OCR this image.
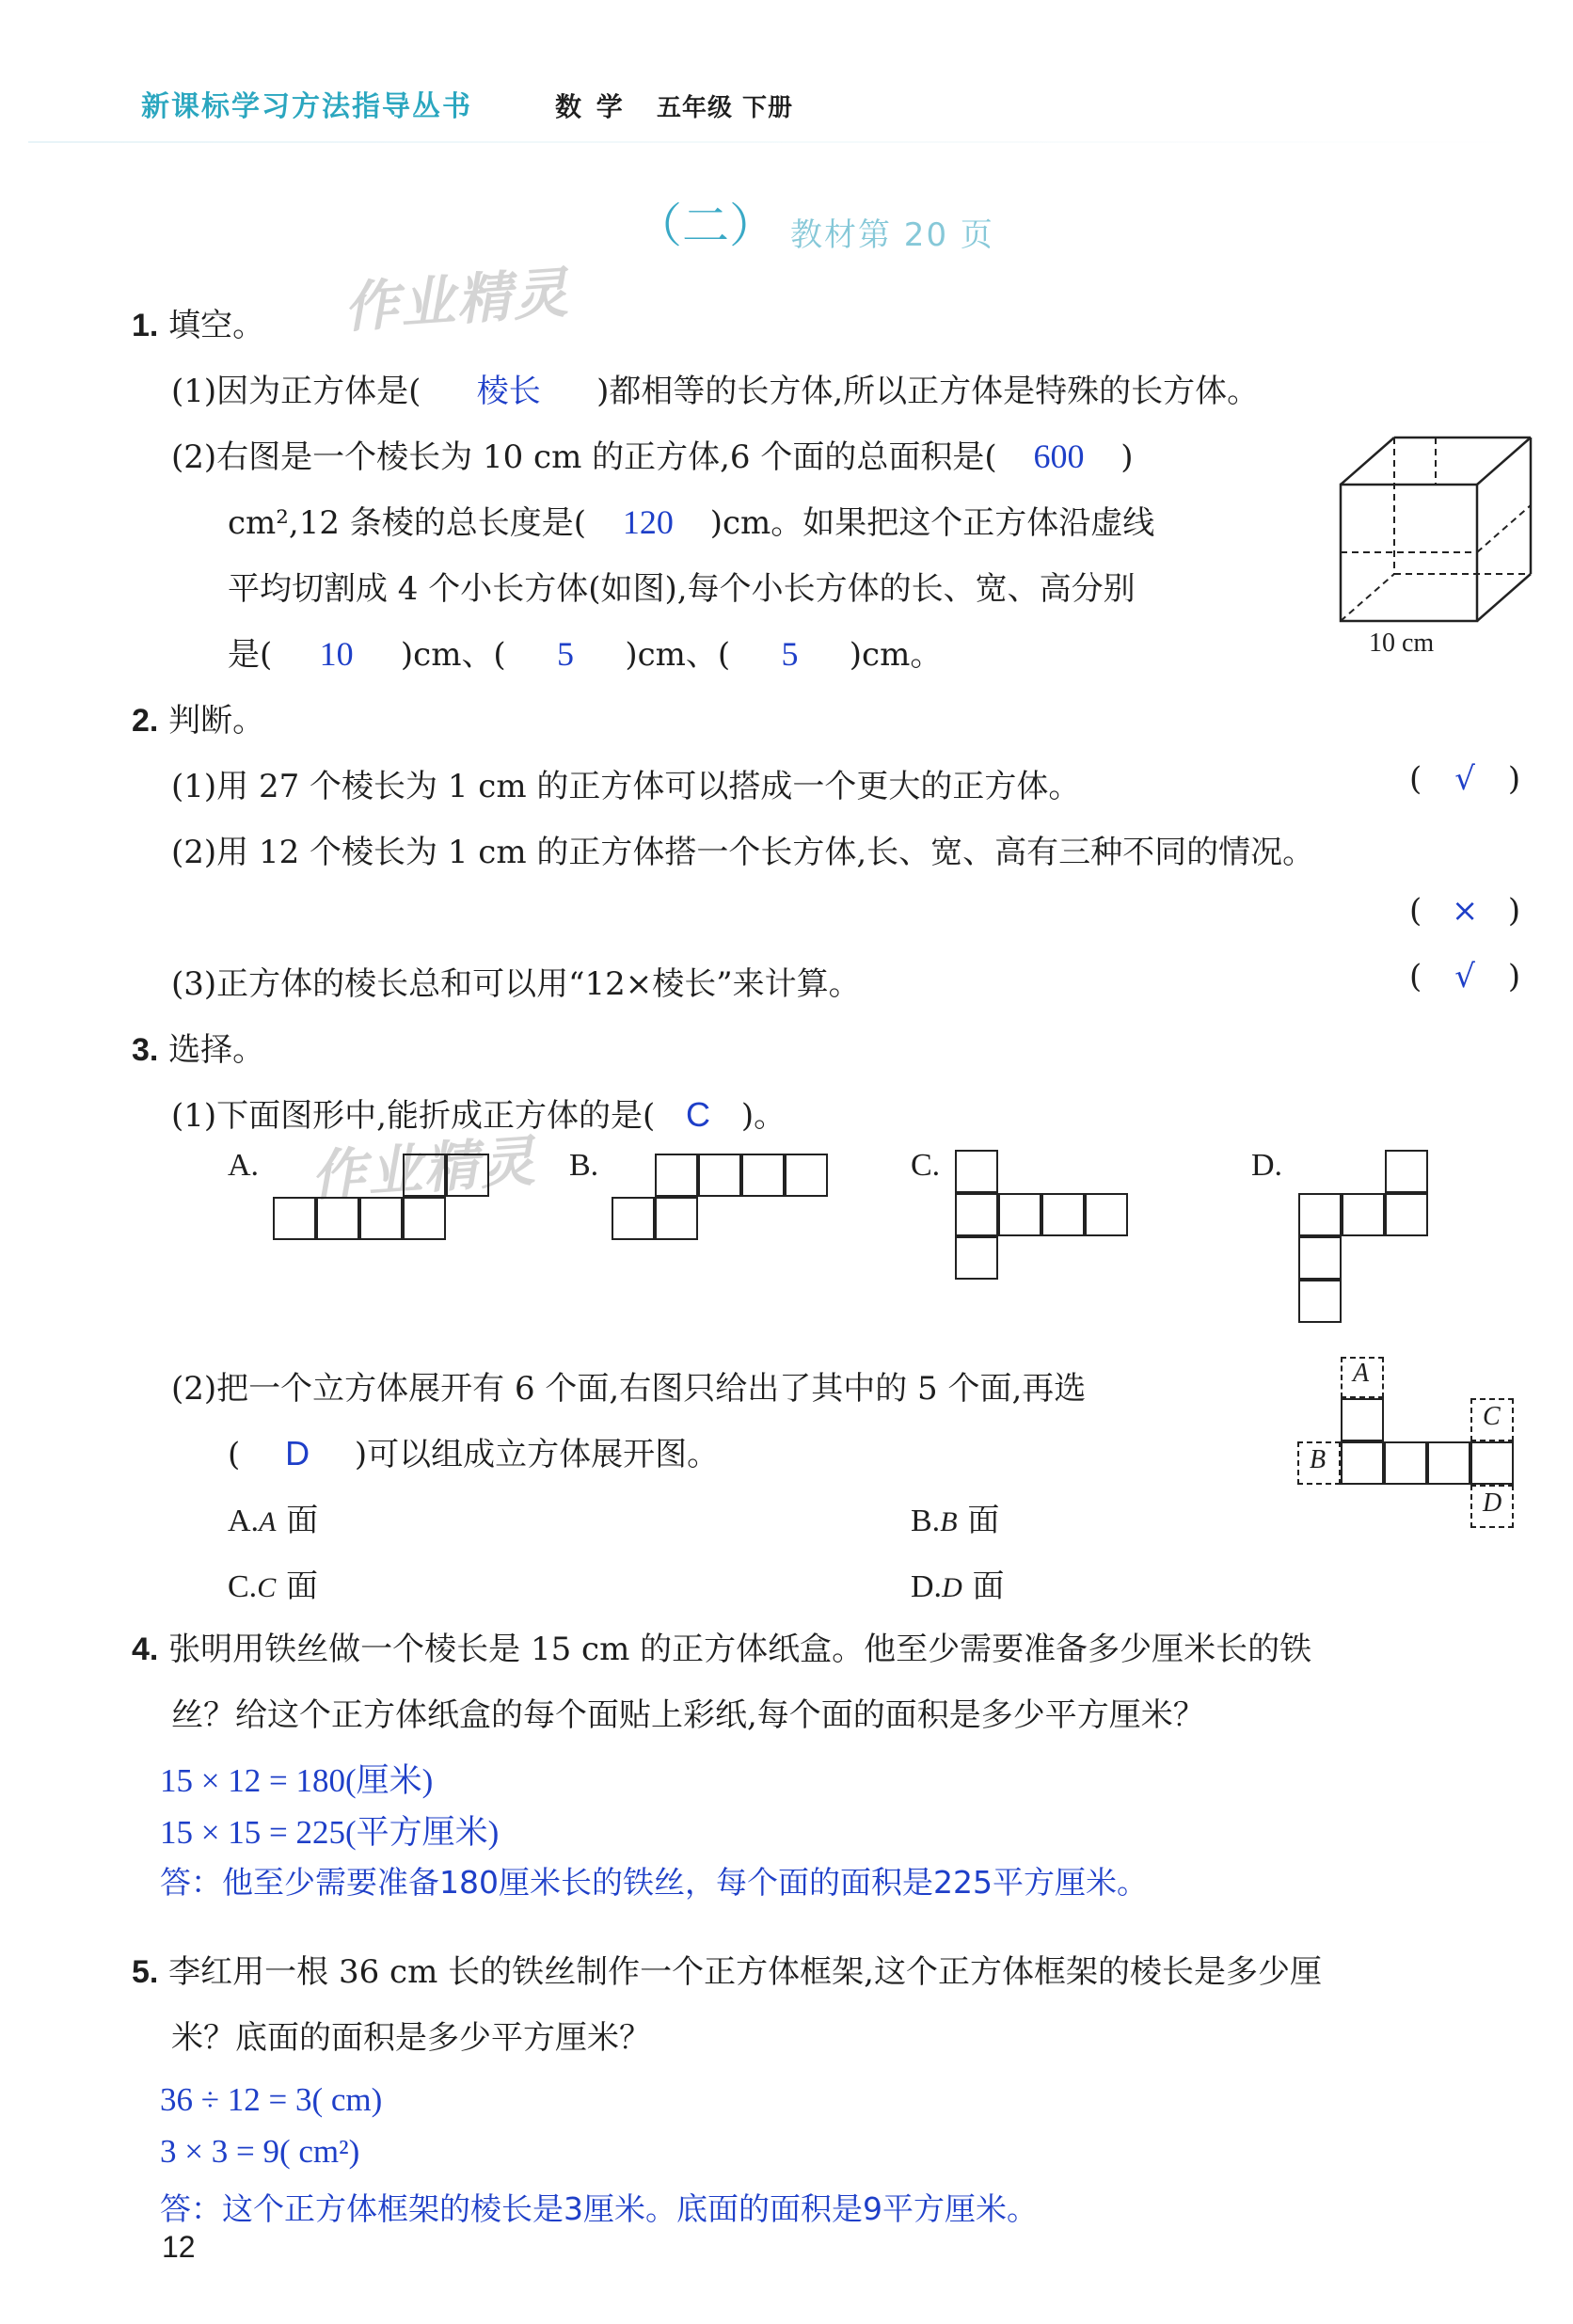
新课标学习方法指导丛书	数 学 五年级 下册
（二） 教材第 20 页
作业精灵
作业精灵
1. 填空。
(1)因为正方体是( 棱长 )都相等的长方体,所以正方体是特殊的长方体。
(2)右图是一个棱长为 10 cm 的正方体,6 个面的总面积是( 600 )
cm²,12 条棱的总长度是( 120 )cm。如果把这个正方体沿虚线
平均切割成 4 个小长方体(如图),每个小长方体的长、宽、高分别
是( 10 )cm、( 5 )cm、( 5 )cm。	10 cm
2. 判断。
(1)用 27 个棱长为 1 cm 的正方体可以搭成一个更大的正方体。
(2)用 12 个棱长为 1 cm 的正方体搭一个长方体,长、宽、高有三种不同的情况。
(3)正方体的棱长总和可以用“12×棱长”来计算。
( √ )
( × )
( √ )
3. 选择。
(1)下面图形中,能折成正方体的是( C )。
A.	B.	C.	D.
(2)把一个立方体展开有 6 个面,右图只给出了其中的 5 个面,再选
( D )可以组成立方体展开图。
A.A 面	B.B 面
C.C 面	D.D 面
A
B
C
D
4. 张明用铁丝做一个棱长是 15 cm 的正方体纸盒。他至少需要准备多少厘米长的铁
丝？给这个正方体纸盒的每个面贴上彩纸,每个面的面积是多少平方厘米？
15 × 12 = 180(厘米)
15 × 15 = 225(平方厘米)
答：他至少需要准备180厘米长的铁丝，每个面的面积是225平方厘米。
5. 李红用一根 36 cm 长的铁丝制作一个正方体框架,这个正方体框架的棱长是多少厘
米？底面的面积是多少平方厘米？
36 ÷ 12 = 3( cm)
3 × 3 = 9( cm²)
答：这个正方体框架的棱长是3厘米。底面的面积是9平方厘米。
12
